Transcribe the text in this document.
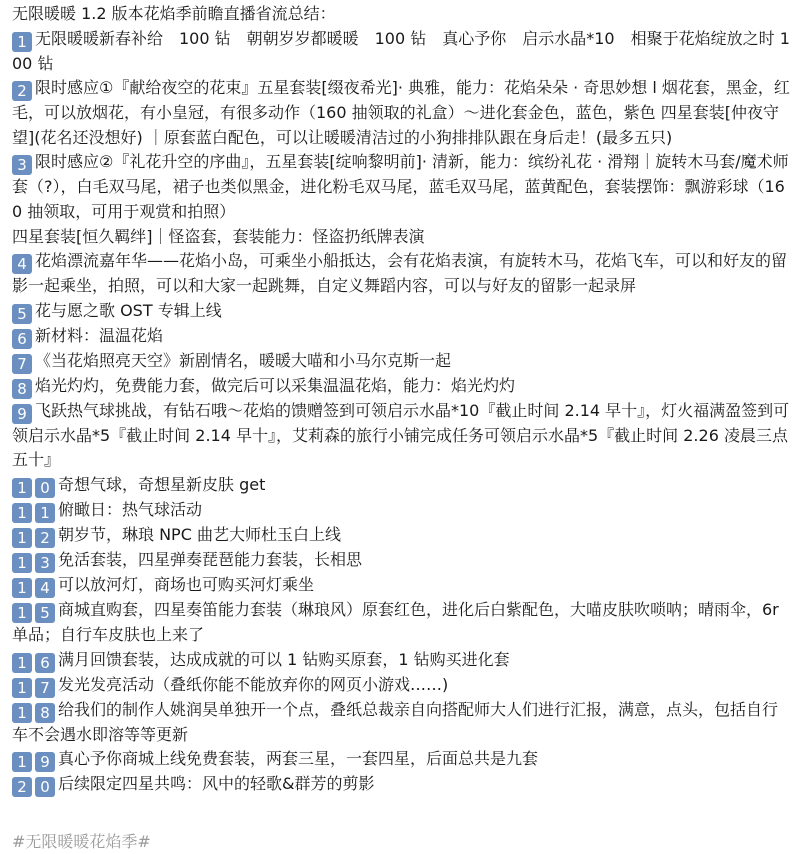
无限暖暖 1.2 版本花焰季前瞻直播省流总结：
1 无限暖暖新春补给　100 钻　朝朝岁岁都暖暖　100 钻　真心予你　启示水晶*10　相聚于花焰绽放之时 100 钻
2 限时感应①『献给夜空的花束』五星套装[缀夜希光]· 典雅，能力：花焰朵朵 · 奇思妙想 l 烟花套，黑金，红毛，可以放烟花，有小皇冠，有很多动作（160 抽领取的礼盒）～进化套金色，蓝色，紫色 四星套装[仲夜守望](花名还没想好) ｜原套蓝白配色，可以让暖暖清洁过的小狗排排队跟在身后走！(最多五只)
3 限时感应②『礼花升空的序曲』，五星套装[绽响黎明前]· 清新，能力：缤纷礼花 · 滑翔｜旋转木马套/魔术师套（?），白毛双马尾，裙子也类似黑金，进化粉毛双马尾，蓝毛双马尾，蓝黄配色，套装摆饰：飘游彩球（160 抽领取，可用于观赏和拍照）
四星套装[恒久羁绊]｜怪盗套，套装能力：怪盗扔纸牌表演
4 花焰漂流嘉年华——花焰小岛，可乘坐小船抵达，会有花焰表演，有旋转木马，花焰飞车，可以和好友的留影一起乘坐，拍照，可以和大家一起跳舞，自定义舞蹈内容，可以与好友的留影一起录屏
5 花与愿之歌 OST 专辑上线
6 新材料：温温花焰
7 《当花焰照亮天空》新剧情名，暖暖大喵和小马尔克斯一起
8 焰光灼灼，免费能力套，做完后可以采集温温花焰，能力：焰光灼灼
9 飞跃热气球挑战，有钻石哦～花焰的馈赠签到可领启示水晶*10『截止时间 2.14 早十』，灯火福满盈签到可领启示水晶*5『截止时间 2.14 早十』，艾莉森的旅行小铺完成任务可领启示水晶*5『截止时间 2.26 凌晨三点五十』
1 0 奇想气球，奇想星新皮肤 get
1 1 俯瞰日：热气球活动
1 2 朝岁节，琳琅 NPC 曲艺大师杜玉白上线
1 3 免活套装，四星弹奏琵琶能力套装，长相思
1 4 可以放河灯，商场也可购买河灯乘坐
1 5 商城直购套，四星奏笛能力套装（琳琅风）原套红色，进化后白紫配色，大喵皮肤吹唢呐；晴雨伞，6r 单品；自行车皮肤也上来了
1 6 满月回馈套装，达成成就的可以 1 钻购买原套，1 钻购买进化套
1 7 发光发亮活动（叠纸你能不能放弃你的网页小游戏……)
1 8 给我们的制作人姚润昊单独开一个点，叠纸总裁亲自向搭配师大人们进行汇报，满意，点头，包括自行车不会遇水即溶等等更新
1 9 真心予你商城上线免费套装，两套三星，一套四星，后面总共是九套
2 0 后续限定四星共鸣：风中的轻歌&群芳的剪影
#无限暖暖花焰季#
